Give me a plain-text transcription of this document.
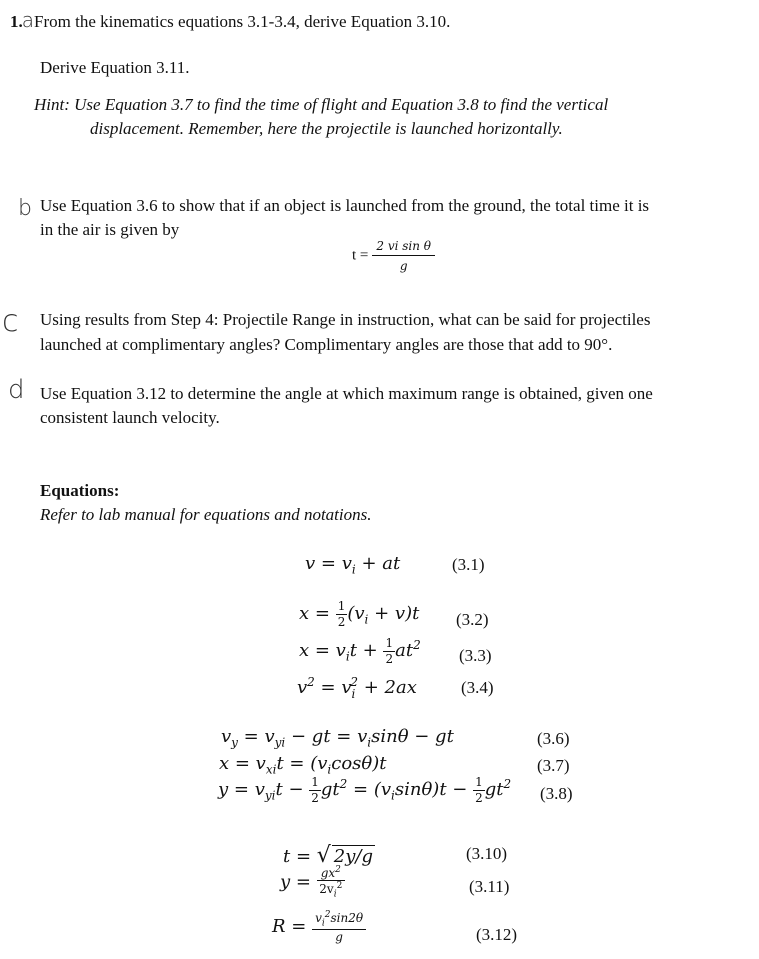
1.aFrom the kinematics equations 3.1-3.4, derive Equation 3.10.
Derive Equation 3.11.
Hint: Use Equation 3.7 to find the time of flight and Equation 3.8 to find the vertical
displacement. Remember, here the projectile is launched horizontally.
b Use Equation 3.6 to show that if an object is launched from the ground, the total time it is
in the air is given by
$t = \frac{\text{2 vi sin θ}}{g}$
c Using results from Step 4: Projectile Range in instruction, what can be said for projectiles
launched at complimentary angles? Complimentary angles are those that add to 90°.
d Use Equation 3.12 to determine the angle at which maximum range is obtained, given one
consistent launch velocity.
Equations:
Refer to lab manual for equations and notations.
$v = v_i$ + at	(3.1)
$x = \frac{1}{2} (v_i + v)t$ (3.2)
$x = v_it + \frac{1}{2} at^2$
(3.3)
$v^2 = v_i^2 + 2ax$	(3.4)
$v_y = v_{yi}$ − gt = $v_i\sin\theta$ − gt	(3.6)
$x = v_{xi}t = (v_i\cos\theta)t$	(3.7)
$y = v_{yi}t - \frac{1}{2} gt^2 = (v_i\sin\theta)t - \frac{1}{2} gt^2$ (3.8)
t = √ 2y/g	(3.10)
$y = \frac{gx^2}{2v_i^2}$	(3.11)
$R = \frac{v_i^2\sin 2\theta}{g}$	(3.12)
